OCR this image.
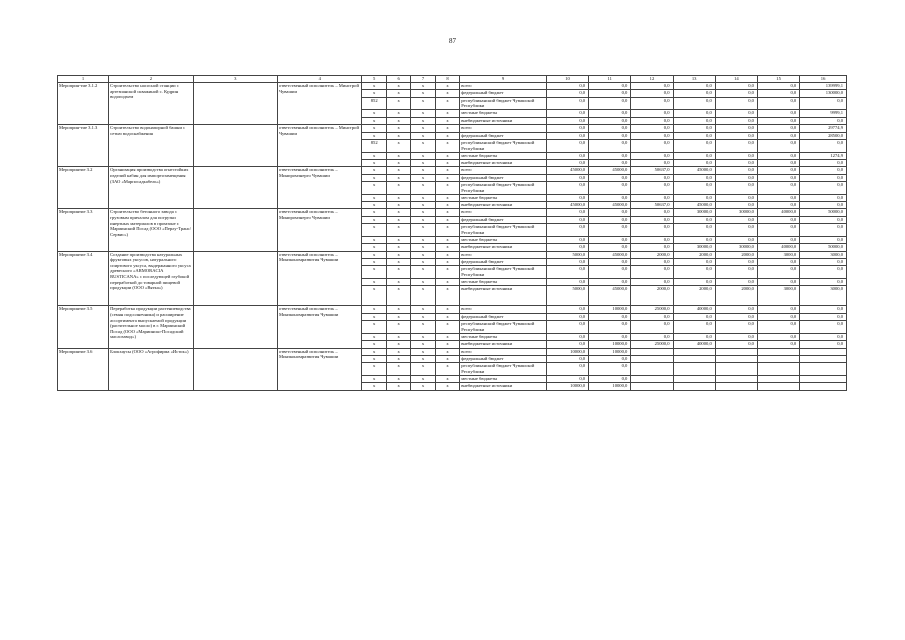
87
1	2	3	4	5	6	7	8	9	10	11	12	13	14	15	16
Мероприя-тие 3.1.2	Строительство насосной станции с артезианской скважиной с. Кудрин водоподъем		ответственный исполнитель – Минстрой Чувашии	x	x	x	x	всего	0,0	0,0	0,0	0,0	0,0	0,0	139999,1
				x	x	x	x	федеральный бюджет	0,0	0,0	0,0	0,0	0,0	0,0	130000,0
				852	x	x	x	республиканский бюджет Чувашской Республики	0,0	0,0	0,0	0,0	0,0	0,0	0,0
				x	x	x	x	местные бюджеты	0,0	0,0	0,0	0,0	0,0	0,0	9999,1
				x	x	x	x	внебюджетные источники	0,0	0,0	0,0	0,0	0,0	0,0	0,0
Мероприя-тие 3.1.3	Строительство водонапорной башни с сетью водоснабжения		ответственный исполнитель – Минстрой Чувашии	x	x	x	x	всего	0,0	0,0	0,0	0,0	0,0	0,0	29774,9
				x	x	x	x	федеральный бюджет	0,0	0,0	0,0	0,0	0,0	0,0	28500,0
				852	x	x	x	республиканский бюджет Чувашской Республики	0,0	0,0	0,0	0,0	0,0	0,0	0,0
				x	x	x	x	местные бюджеты	0,0	0,0	0,0	0,0	0,0	0,0	1274,9
				x	x	x	x	внебюджетные источники	0,0	0,0	0,0	0,0	0,0	0,0	0,0
Мероприятие 3.2	Организация производства огнестойких изделий кабин для импортозамещения (ЗАО «Марпосадкабель»)		ответственный исполнитель – Минпромэнерго Чувашии	x	x	x	x	всего	45000,0	45000,0	50637,0	45000,0	0,0	0,0	0,0
				x	x	x	x	федеральный бюджет	0,0	0,0	0,0	0,0	0,0	0,0	0,0
				x	x	x	x	республиканский бюджет Чувашской Республики	0,0	0,0	0,0	0,0	0,0	0,0	0,0
				x	x	x	x	местные бюджеты	0,0	0,0	0,0	0,0	0,0	0,0	0,0
				x	x	x	x	внебюджетные источники	45000,0	45000,0	50637,0	45000,0	0,0	0,0	0,0
Мероприятие 3.3	Строительство бетонного завода с грузовым причалом для погрузки инертных материалов в промзоне г. Мариинский Посад (ООО «Перлу-Транс/Сервис»)		ответственный исполнитель – Минпромэнерго Чувашии	x	x	x	x	всего	0,0	0,0	0,0	30000,0	30000,0	40000,0	50000,0
				x	x	x	x	федеральный бюджет	0,0	0,0	0,0	0,0	0,0	0,0	0,0
				x	x	x	x	республиканский бюджет Чувашской Республики	0,0	0,0	0,0	0,0	0,0	0,0	0,0
				x	x	x	x	местные бюджеты	0,0	0,0	0,0	0,0	0,0	0,0	0,0
				x	x	x	x	внебюджетные источники	0,0	0,0	0,0	30000,0	30000,0	40000,0	50000,0
Мероприятие 3.4	Создание производства натуральных фруктовых уксусов, натурального спиртового уксуса, выдержанного уксуса древесного «ARMORACIA RUSTICANA» с последующей глубокой переработкой до товарной пищевой продукции (ООО «Вятка»)		ответственный исполнитель – Минэкономразвития Чувашии	x	x	x	x	всего	5000,0	45000,0	2000,0	2000,0	2000,0	3000,0	3000,0
				x	x	x	x	федеральный бюджет	0,0	0,0	0,0	0,0	0,0	0,0	0,0
				x	x	x	x	республиканский бюджет Чувашской Республики	0,0	0,0	0,0	0,0	0,0	0,0	0,0
				x	x	x	x	местные бюджеты	0,0	0,0	0,0	0,0	0,0	0,0	0,0
				x	x	x	x	внебюджетные источники	5000,0	45000,0	2000,0	2000,0	2000,0	3000,0	3000,0
Мероприятие 3.5	Переработка продукции растениеводства (семян подсолнечника) и расширение ассортимента выпускаемой продукции (растительное масло) в г. Мариинский Посад (ООО «Мариинско-Посадский маслозавод»)		ответственный исполнитель – Минэкономразвития Чувашии	x	x	x	x	всего	0,0	10000,0	25000,0	40000,0	0,0	0,0	0,0
				x	x	x	x	федеральный бюджет	0,0	0,0	0,0	0,0	0,0	0,0	0,0
				x	x	x	x	республиканский бюджет Чувашской Республики	0,0	0,0	0,0	0,0	0,0	0,0	0,0
				x	x	x	x	местные бюджеты	0,0	0,0	0,0	0,0	0,0	0,0	0,0
				x	x	x	x	внебюджетные источники	0,0	10000,0	25000,0	40000,0	0,0	0,0	0,0
Мероприятие 3.6	Блокхаусы (ООО «Агрофирма «Исток»)		ответственный исполнитель – Минэкономразвития Чувашии	x	x	x	x	всего	10000,0	10000,0					
				x	x	x	x	федеральный бюджет	0,0	0,0					
				x	x	x	x	республиканский бюджет Чувашской Республики	0,0	0,0					
				x	x	x	x	местные бюджеты	0,0	0,0					
				x	x	x	x	внебюджетные источники	10000,0	10000,0					
